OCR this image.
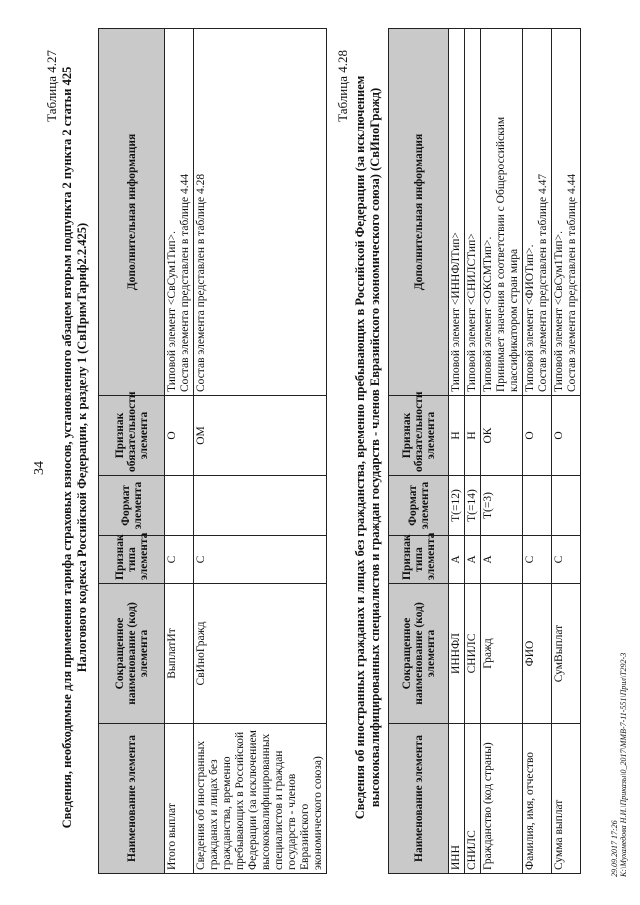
34
Таблица 4.27 Сведения, необходимые для применения тарифа страховых взносов, установленного абзацем вторым подпункта 2 пункта 2 статьи 425 Налогового кодекса Российской Федерации, к разделу 1 (СвПримТариф2.2.425)
Наименование элемента	Сокращенное наименование (код) элемента	Признак типа элемента	Формат элемента	Признак обязательности элемента	Дополнительная информация
Итого выплат	ВыплатИт	С		О	Типовой элемент <СвСум1Тип>.
Состав элемента представлен в таблице 4.44
Сведения об иностранных гражданах и лицах без гражданства, временно пребывающих в Российской Федерации (за исключением высококвалифицированных специалистов и граждан государств - членов Евразийского экономического союза)	СвИноГражд	С		ОМ	Состав элемента представлен в таблице 4.28
Таблица 4.28 Сведения об иностранных гражданах и лицах без гражданства, временно пребывающих в Российской Федерации (за исключением высококвалифицированных специалистов и граждан государств - членов Евразийского экономического союза) (СвИноГражд)	Наименование элемента	Сокращенное наименование (код) элемента	Признак типа элемента	Формат элемента	Признак обязательности элемента	Дополнительная информация
ИНН	ИННФЛ	А	T(=12)	Н	Типовой элемент <ИННФЛТип>
СНИЛС	СНИЛС	А	T(=14)	Н	Типовой элемент <СНИЛСТип>
Гражданство (код страны)	Гражд	А	T(=3)	ОК	Типовой элемент <ОКСМТип>.
Принимает значения в соответствии с Общероссийским классификатором стран мира
Фамилия, имя, отчество	ФИО	С		О	Типовой элемент <ФИОТип>.
Состав элемента представлен в таблице 4.47
Сумма выплат	СумВыплат	С		О	Типовой элемент <СвСум1Тип>.
Состав элемента представлен в таблице 4.44
29.09.2017 17:26 К:\Мухамедова Н.И.\Приказы\0_2017\ММВ-7-11-551\Прил\Т292-3
